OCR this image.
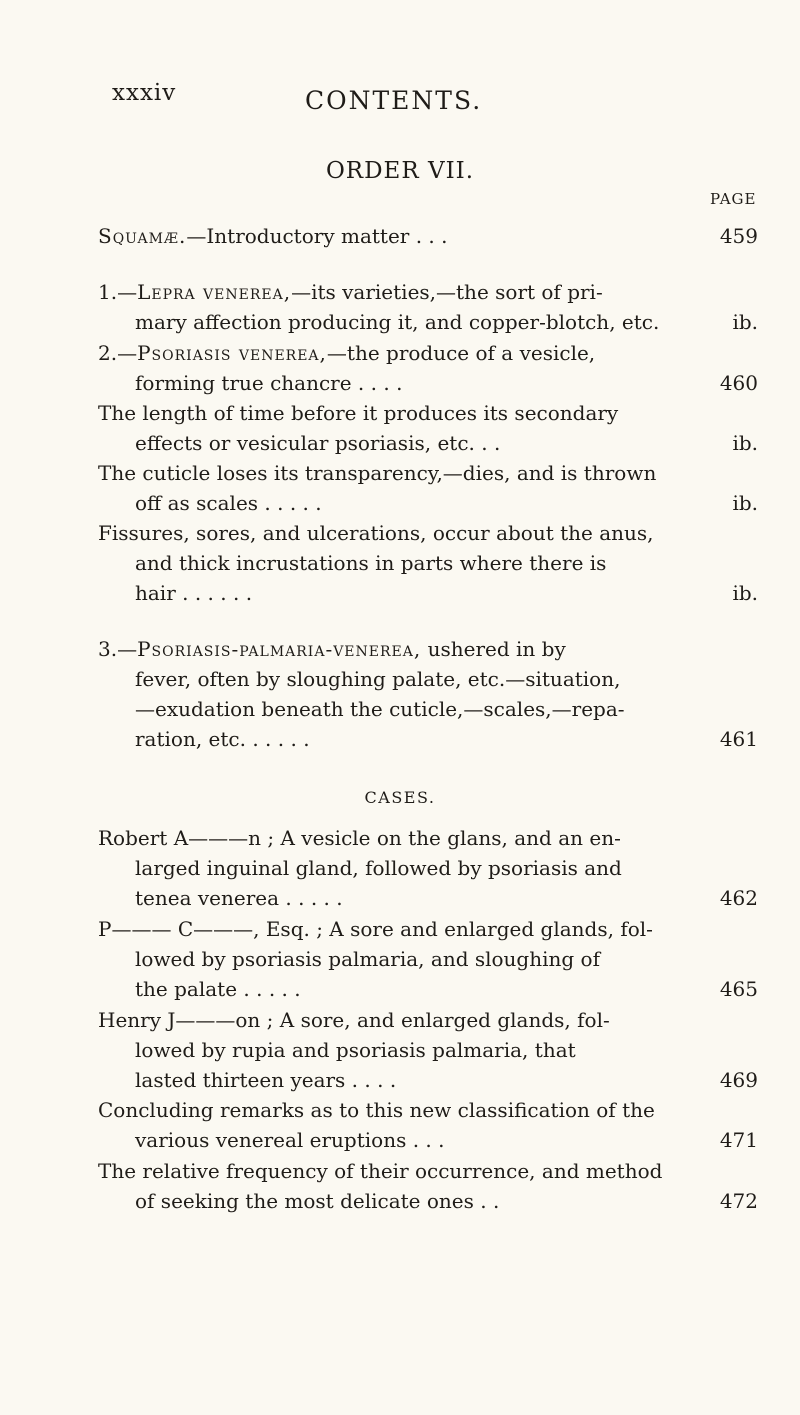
xxxiv	CONTENTS.
ORDER VII.
PAGE
Squamæ.—Introductory matter . . .	459
1.—Lepra venerea,—its varieties,—the sort of pri-
mary affection producing it, and copper-blotch, etc.	ib.
2.—Psoriasis venerea,—the produce of a vesicle,
forming true chancre . . . .	460
The length of time before it produces its secondary
effects or vesicular psoriasis, etc. . .	ib.
The cuticle loses its transparency,—dies, and is thrown
off as scales . . . . .	ib.
Fissures, sores, and ulcerations, occur about the anus,
and thick incrustations in parts where there is
hair . . . . . .	ib.
3.—Psoriasis-palmaria-venerea, ushered in by
fever, often by sloughing palate, etc.—situation,
—exudation beneath the cuticle,—scales,—repa-
ration, etc. . . . . .	461
CASES.
Robert A———n ; A vesicle on the glans, and an en-
larged inguinal gland, followed by psoriasis and
tenea venerea . . . . .	462
P——— C———, Esq. ; A sore and enlarged glands, fol-
lowed by psoriasis palmaria, and sloughing of
the palate . . . . .	465
Henry J———on ; A sore, and enlarged glands, fol-
lowed by rupia and psoriasis palmaria, that
lasted thirteen years . . . .	469
Concluding remarks as to this new classification of the
various venereal eruptions . . .	471
The relative frequency of their occurrence, and method
of seeking the most delicate ones . .	472
